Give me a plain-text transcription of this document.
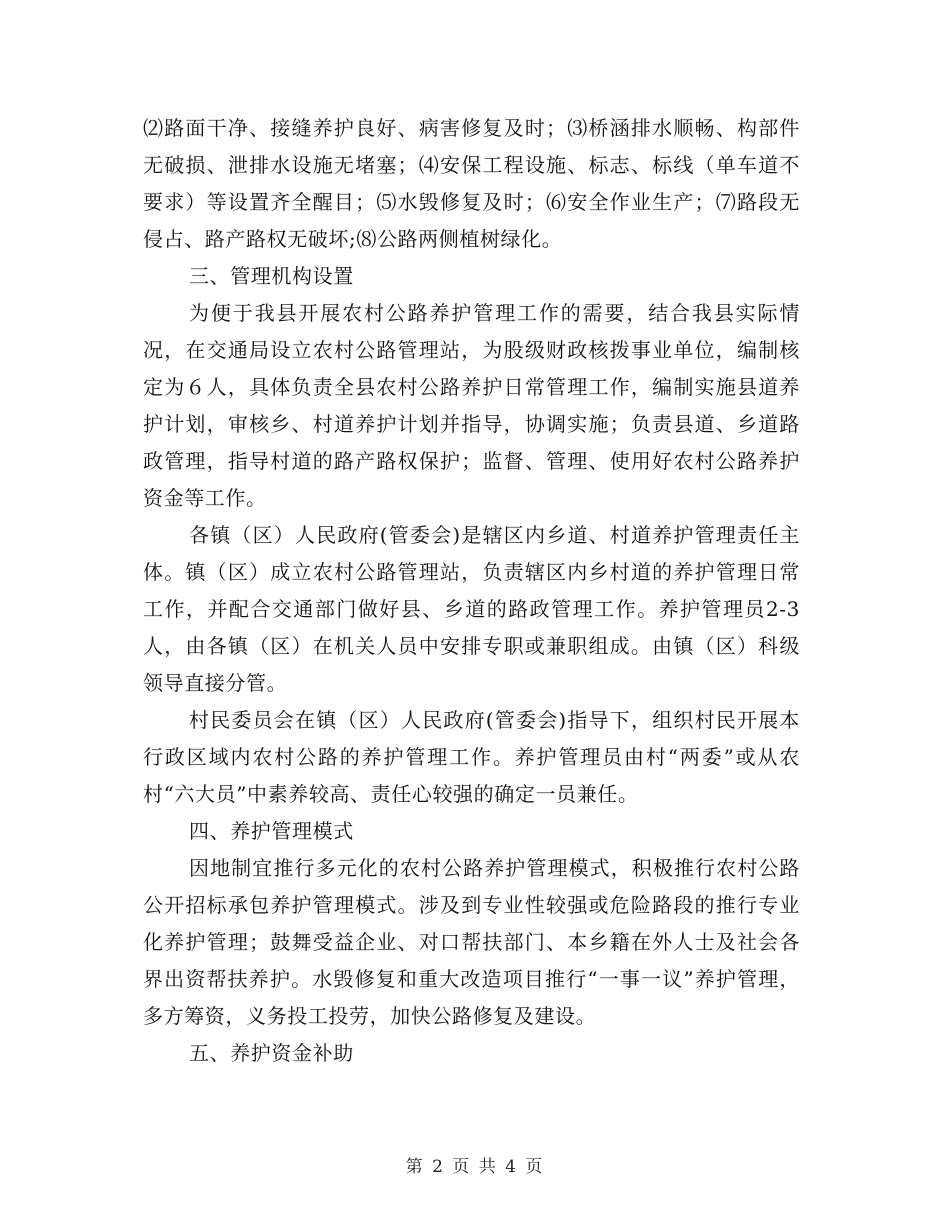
⑵路面干净、接缝养护良好、病害修复及时；⑶桥涵排水顺畅、构部件无破损、泄排水设施无堵塞；⑷安保工程设施、标志、标线（单车道不要求）等设置齐全醒目；⑸水毁修复及时；⑹安全作业生产；⑺路段无侵占、路产路权无破坏;⑻公路两侧植树绿化。

三、管理机构设置

为便于我县开展农村公路养护管理工作的需要，结合我县实际情况，在交通局设立农村公路管理站，为股级财政核拨事业单位，编制核定为６人，具体负责全县农村公路养护日常管理工作，编制实施县道养护计划，审核乡、村道养护计划并指导，协调实施；负责县道、乡道路政管理，指导村道的路产路权保护；监督、管理、使用好农村公路养护资金等工作。

各镇（区）人民政府(管委会)是辖区内乡道、村道养护管理责任主体。镇（区）成立农村公路管理站，负责辖区内乡村道的养护管理日常工作，并配合交通部门做好县、乡道的路政管理工作。养护管理员2-3人，由各镇（区）在机关人员中安排专职或兼职组成。由镇（区）科级领导直接分管。

村民委员会在镇（区）人民政府(管委会)指导下，组织村民开展本行政区域内农村公路的养护管理工作。养护管理员由村“两委”或从农村“六大员”中素养较高、责任心较强的确定一员兼任。

四、养护管理模式

因地制宜推行多元化的农村公路养护管理模式，积极推行农村公路公开招标承包养护管理模式。涉及到专业性较强或危险路段的推行专业化养护管理；鼓舞受益企业、对口帮扶部门、本乡籍在外人士及社会各界出资帮扶养护。水毁修复和重大改造项目推行“一事一议”养护管理，多方筹资，义务投工投劳，加快公路修复及建设。

五、养护资金补助

第 2 页 共 4 页
